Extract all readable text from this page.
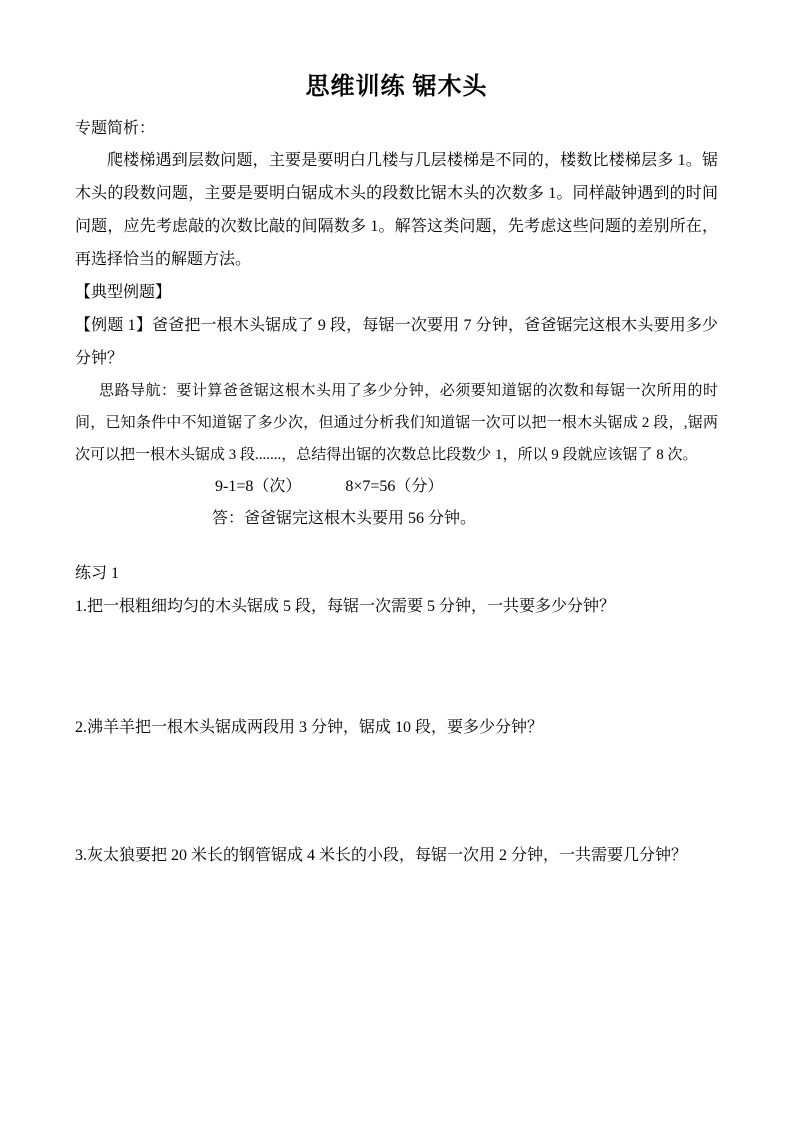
思维训练 锯木头

专题简析：

爬楼梯遇到层数问题，主要是要明白几楼与几层楼梯是不同的，楼数比楼梯层多 1。锯木头的段数问题，主要是要明白锯成木头的段数比锯木头的次数多 1。同样敲钟遇到的时间问题，应先考虑敲的次数比敲的间隔数多 1。解答这类问题，先考虑这些问题的差别所在，再选择恰当的解题方法。

【典型例题】

【例题 1】爸爸把一根木头锯成了 9 段，每锯一次要用 7 分钟，爸爸锯完这根木头要用多少分钟？

思路导航：要计算爸爸锯这根木头用了多少分钟，必须要知道锯的次数和每锯一次所用的时间，已知条件中不知道锯了多少次，但通过分析我们知道锯一次可以把一根木头锯成 2 段，,锯两次可以把一根木头锯成 3 段.......，总结得出锯的次数总比段数少 1，所以 9 段就应该锯了 8 次。

9-1=8（次）	8×7=56（分）

答：爸爸锯完这根木头要用 56 分钟。

练习 1

1.把一根粗细均匀的木头锯成 5 段，每锯一次需要 5 分钟，一共要多少分钟？

2.沸羊羊把一根木头锯成两段用 3 分钟，锯成 10 段，要多少分钟？

3.灰太狼要把 20 米长的钢管锯成 4 米长的小段，每锯一次用 2 分钟，一共需要几分钟？
